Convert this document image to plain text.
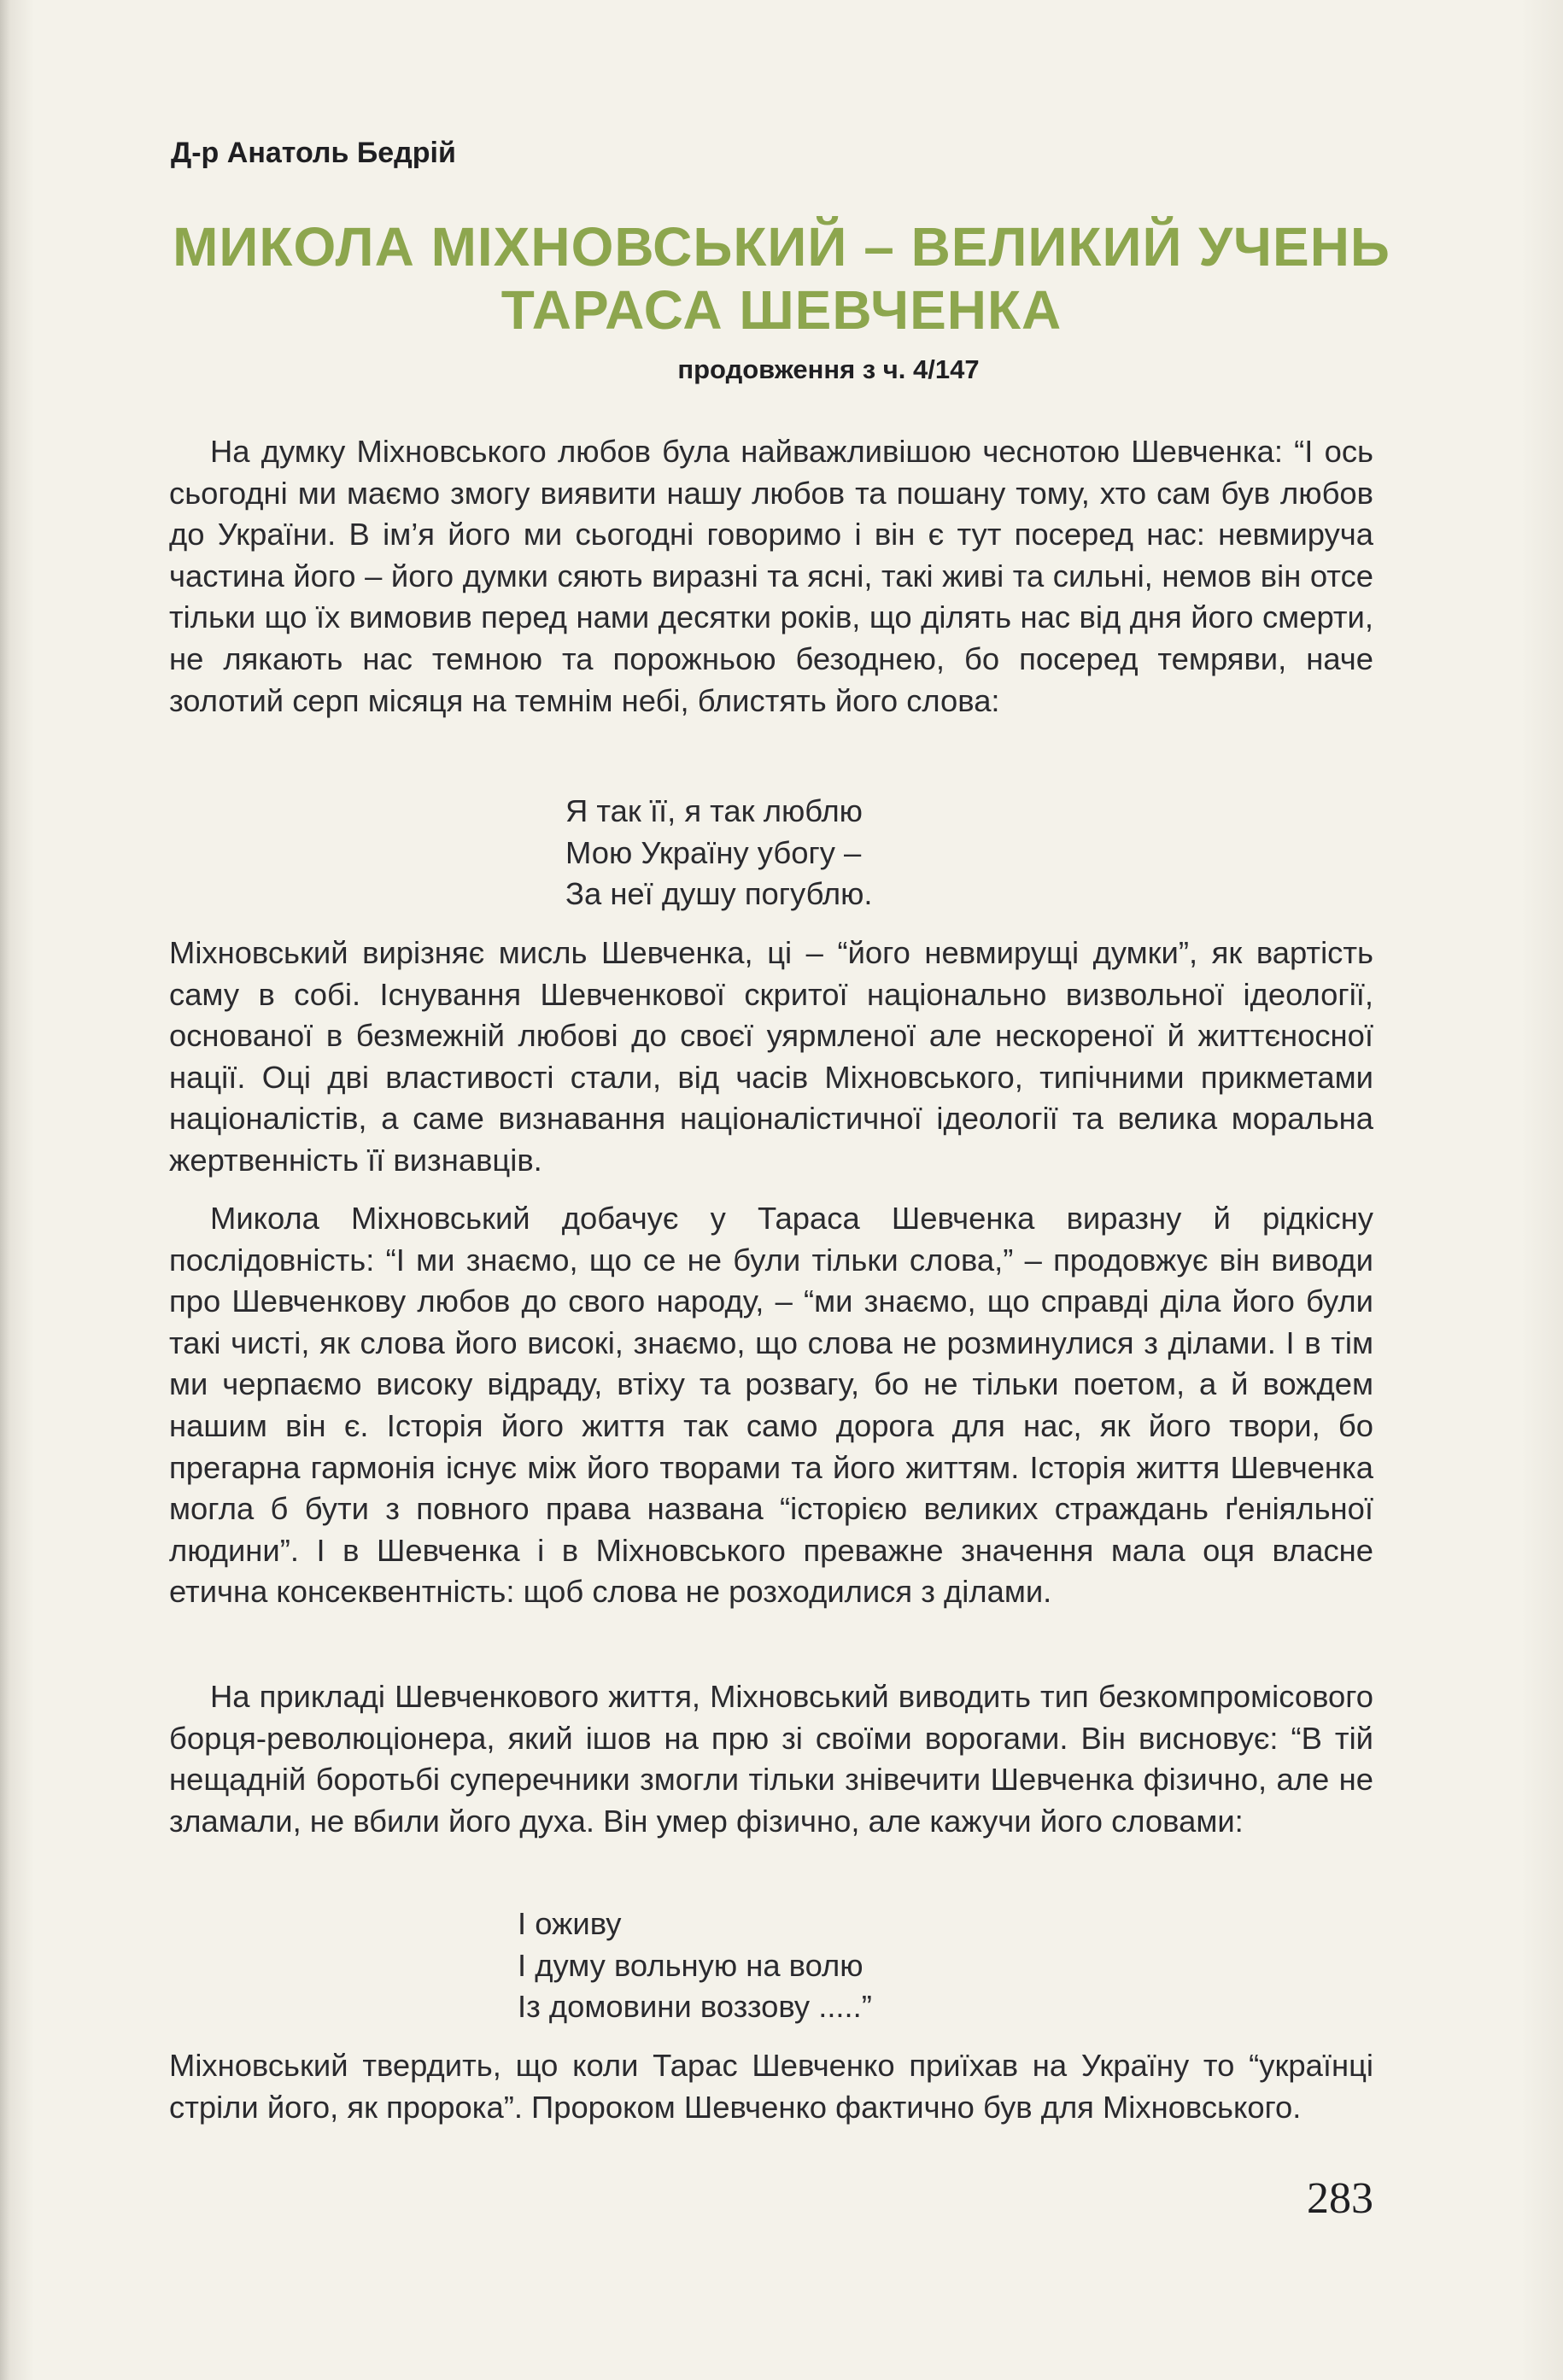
Д-р Анатоль Бедрій
МИКОЛА МІХНОВСЬКИЙ – ВЕЛИКИЙ УЧЕНЬ
ТАРАСА ШЕВЧЕНКА
продовження з ч. 4/147

На думку Міхновського любов була найважливішою чеснотою Шевченка: “І ось сьогодні ми маємо змогу виявити нашу любов та пошану тому, хто сам був любов до України. В ім’я його ми сьогодні говоримо і він є тут посеред нас: невмируча частина його – його думки сяють виразні та ясні, такі живі та сильні, немов він отсе тільки що їх вимовив перед нами десятки років, що ділять нас від дня його смерти, не лякають нас темною та порожньою безоднею, бо посеред темряви, наче золотий серп місяця на темнім небі, блистять його слова:

Я так її, я так люблю
Мою Україну убогу –
За неї душу погублю.

Міхновський вирізняє мисль Шевченка, ці – “його невмирущі думки”, як вартість саму в собі. Існування Шевченкової скритої національно визвольної ідеології, основаної в безмежній любові до своєї уярмленої але нескореної й життєносної нації. Оці дві властивості стали, від часів Міхновського, типічними прикметами націоналістів, а саме визнавання націоналістичної ідеології та велика моральна жертвенність її визнавців.

Микола Міхновський добачує у Тараса Шевченка виразну й рідкісну послідовність: “І ми знаємо, що се не були тільки слова,” – продовжує він виводи про Шевченкову любов до свого народу, – “ми знаємо, що справді діла його були такі чисті, як слова його високі, знаємо, що слова не розминулися з ділами. І в тім ми черпаємо високу відраду, втіху та розвагу, бо не тільки поетом, а й вождем нашим він є. Історія його життя так само дорога для нас, як його твори, бо прегарна гармонія існує між його творами та його життям. Історія життя Шевченка могла б бути з повного права названа “історією великих страждань ґеніяльної людини”. І в Шевченка і в Міхновського преважне значення мала оця власне етична консеквентність: щоб слова не розходилися з ділами.

На прикладі Шевченкового життя, Міхновський виводить тип безкомпромісового борця-революціонера, який ішов на прю зі своїми ворогами. Він висновує: “В тій нещадній боротьбі суперечники змогли тільки знівечити Шевченка фізично, але не зламали, не вбили його духа. Він умер фізично, але кажучи його словами:

І оживу
І думу вольную на волю
Із домовини воззову .....”

Міхновський твердить, що коли Тарас Шевченко приїхав на Україну то “українці стріли його, як пророка”. Пророком Шевченко фактично був для Міхновського.

283
